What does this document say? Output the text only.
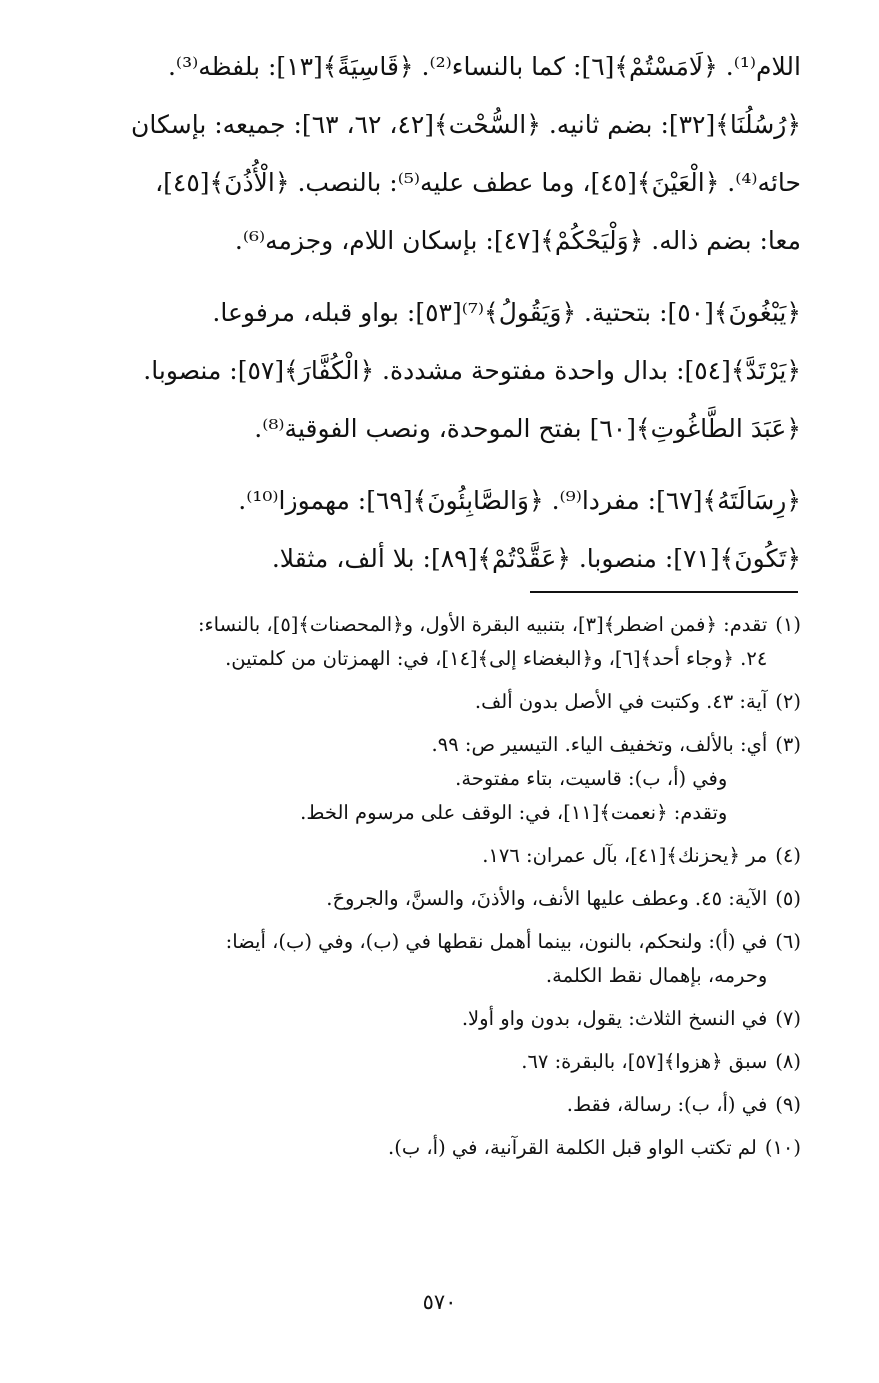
اللام⁽¹⁾. ﴿لَامَسْتُمْ﴾[٦]: كما بالنساء⁽²⁾. ﴿قَاسِيَةً﴾[١٣]: بلفظه⁽³⁾.
﴿رُسُلُنَا﴾[٣٢]: بضم ثانيه. ﴿السُّحْت﴾[٤٢، ٦٢، ٦٣]: جميعه: بإسكان
حائه⁽⁴⁾. ﴿الْعَيْنَ﴾[٤٥]، وما عطف عليه⁽⁵⁾: بالنصب. ﴿الْأُذُنَ﴾[٤٥]،
معا: بضم ذاله. ﴿وَلْيَحْكُمْ﴾[٤٧]: بإسكان اللام، وجزمه⁽⁶⁾.

﴿يَبْغُونَ﴾[٥٠]: بتحتية. ﴿وَيَقُولُ﴾⁽⁷⁾[٥٣]: بواو قبله، مرفوعا.
﴿يَرْتَدَّ﴾[٥٤]: بدال واحدة مفتوحة مشددة. ﴿الْكُفَّارَ﴾[٥٧]: منصوبا.
﴿عَبَدَ الطَّاغُوتِ﴾[٦٠] بفتح الموحدة، ونصب الفوقية⁽⁸⁾.

﴿رِسَالَتَهُ﴾[٦٧]: مفردا⁽⁹⁾. ﴿وَالصَّابِئُونَ﴾[٦٩]: مهموزا⁽¹⁰⁾.
﴿تَكُونَ﴾[٧١]: منصوبا. ﴿عَقَّدْتُمْ﴾[٨٩]: بلا ألف، مثقلا.

(١)
تقدم: ﴿فمن اضطر﴾[٣]، بتنبيه البقرة الأول، و﴿المحصنات﴾[٥]، بالنساء:
٢٤. ﴿وجاء أحد﴾[٦]، و﴿البغضاء إلى﴾[١٤]، في: الهمزتان من كلمتين.
(٢)
آية: ٤٣. وكتبت في الأصل بدون ألف.
(٣)
أي: بالألف، وتخفيف الياء. التيسير ص: ٩٩.
وفي (أ، ب): قاسيت، بتاء مفتوحة.
وتقدم: ﴿نعمت﴾[١١]، في: الوقف على مرسوم الخط.
(٤)
مر ﴿يحزنك﴾[٤١]، بآل عمران: ١٧٦.
(٥)
الآية: ٤٥. وعطف عليها الأنف، والأذنَ، والسنَّ، والجروحَ.
(٦)
في (أ): ولنحكم، بالنون، بينما أهمل نقطها في (ب)، وفي (ب)، أيضا:
وحرمه، بإهمال نقط الكلمة.
(٧)
في النسخ الثلاث: يقول، بدون واو أولا.
(٨)
سبق ﴿هزوا﴾[٥٧]، بالبقرة: ٦٧.
(٩)
في (أ، ب): رسالة، فقط.
(١٠)
لم تكتب الواو قبل الكلمة القرآنية، في (أ، ب).
٥٧٠
